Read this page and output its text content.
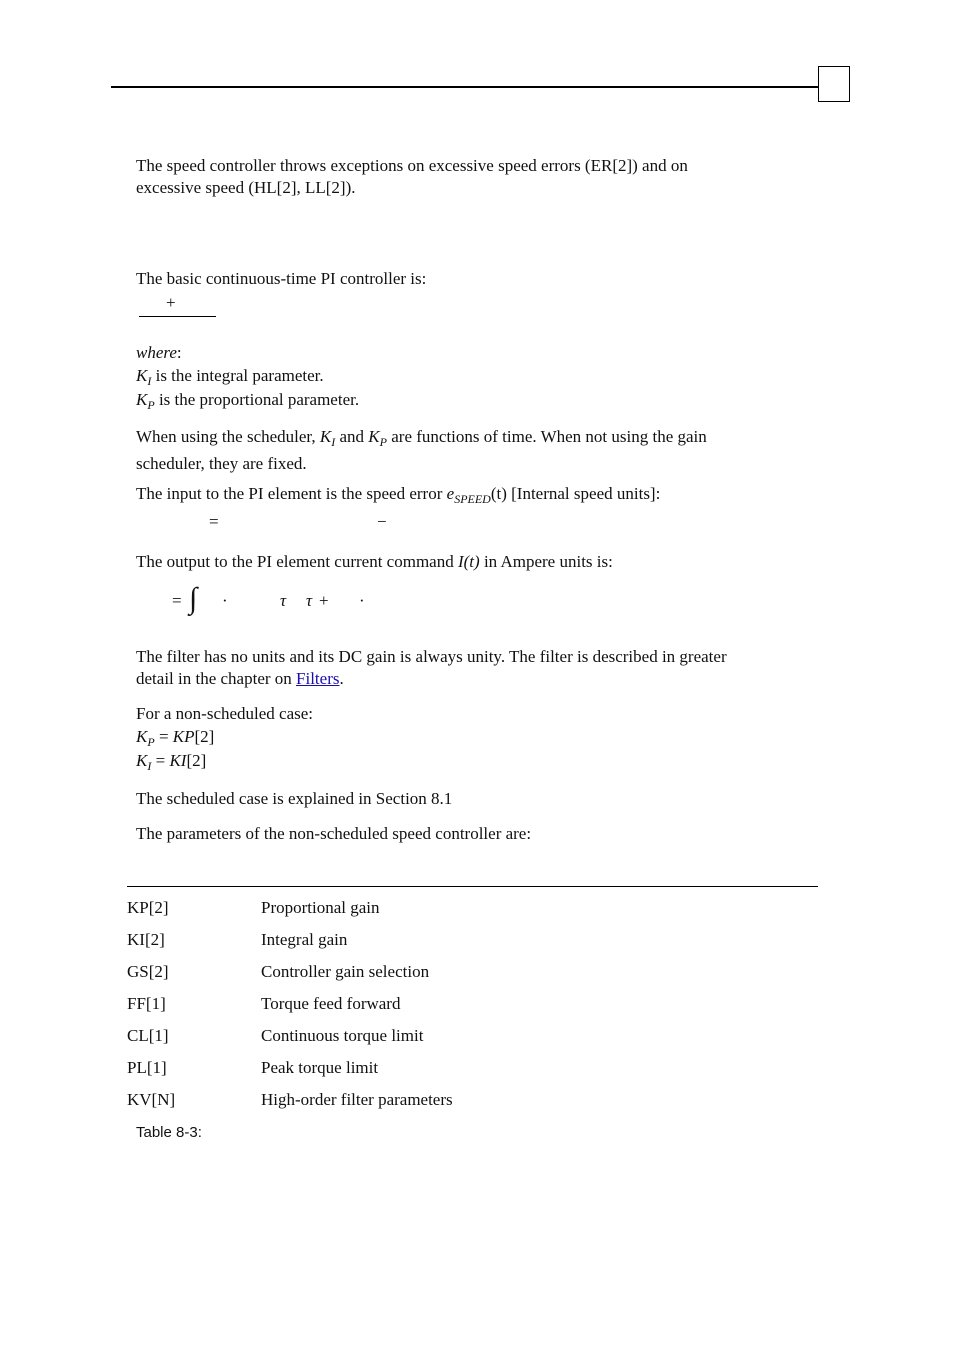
The speed controller throws exceptions on excessive speed errors (ER[2]) and on
excessive speed (HL[2], LL[2]).
The basic continuous-time PI controller is:
+
where:
$K_I$ is the integral parameter.
$K_P$ is the proportional parameter.
When using the scheduler, $K_I$ and $K_P$ are functions of time. When not using the gain
scheduler, they are fixed.
The input to the PI element is the speed error $e_{SPEED}(t)$ [Internal speed units]:
=	−
The output to the PI element current command I(t) in Ampere units is:
= ∫ ·	τ τ + ·
The filter has no units and its DC gain is always unity. The filter is described in greater
detail in the chapter on Filters.
For a non-scheduled case:
$K_P = KP[2]$
$K_I = KI[2]$
The scheduled case is explained in Section 8.1
The parameters of the non-scheduled speed controller are:
KP[2]	Proportional gain
KI[2]	Integral gain
GS[2]	Controller gain selection
FF[1]	Torque feed forward
CL[1]	Continuous torque limit
PL[1]	Peak torque limit
KV[N]	High-order filter parameters
Table 8-3:
